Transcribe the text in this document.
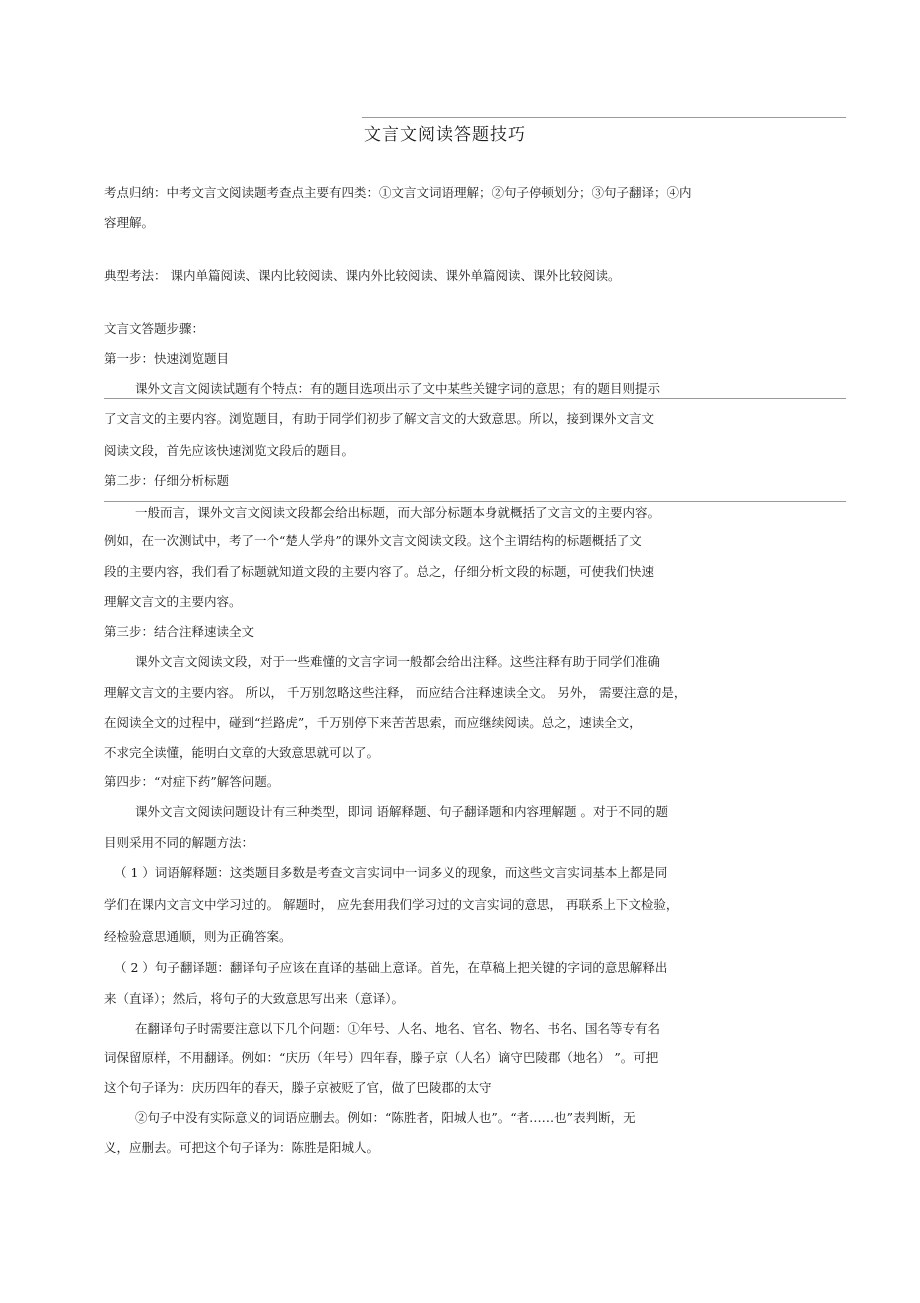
文言文阅读答题技巧
考点归纳：中考文言文阅读题考查点主要有四类：①文言文词语理解；②句子停顿划分；③句子翻译；④内
容理解。
典型考法： 课内单篇阅读、课内比较阅读、课内外比较阅读、课外单篇阅读、课外比较阅读。
文言文答题步骤：
第一步：快速浏览题目
课外文言文阅读试题有个特点：有的题目选项出示了文中某些关键字词的意思；有的题目则提示
了文言文的主要内容。浏览题目，有助于同学们初步了解文言文的大致意思。所以，接到课外文言文
阅读文段，首先应该快速浏览文段后的题目。
第二步：仔细分析标题
一般而言，课外文言文阅读文段都会给出标题，而大部分标题本身就概括了文言文的主要内容。
例如，在一次测试中，考了一个“楚人学舟”的课外文言文阅读文段。这个主谓结构的标题概括了文
段的主要内容，我们看了标题就知道文段的主要内容了。总之，仔细分析文段的标题，可使我们快速
理解文言文的主要内容。
第三步：结合注释速读全文
课外文言文阅读文段，对于一些难懂的文言字词一般都会给出注释。这些注释有助于同学们准确
理解文言文的主要内容。 所以， 千万别忽略这些注释， 而应结合注释速读全文。 另外， 需要注意的是，
在阅读全文的过程中，碰到“拦路虎”，千万别停下来苦苦思索，而应继续阅读。总之，速读全文，
不求完全读懂，能明白文章的大致意思就可以了。
第四步：“对症下药”解答问题。
课外文言文阅读问题设计有三种类型，即词 语解释题、句子翻译题和内容理解题 。对于不同的题
目则采用不同的解题方法：
（ 1 ）词语解释题：这类题目多数是考查文言实词中一词多义的现象，而这些文言实词基本上都是同
学们在课内文言文中学习过的。 解题时， 应先套用我们学习过的文言实词的意思， 再联系上下文检验，
经检验意思通顺，则为正确答案。
（ 2 ）句子翻译题：翻译句子应该在直译的基础上意译。首先，在草稿上把关键的字词的意思解释出
来（直译）；然后，将句子的大致意思写出来（意译）。
在翻译句子时需要注意以下几个问题：①年号、人名、地名、官名、物名、书名、国名等专有名
词保留原样，不用翻译。例如：“庆历（年号）四年春，滕子京（人名）谪守巴陵郡（地名） ”。可把
这个句子译为：庆历四年的春天，滕子京被贬了官，做了巴陵郡的太守
②句子中没有实际意义的词语应删去。例如：“陈胜者，阳城人也”。“者……也”表判断，无
义，应删去。可把这个句子译为：陈胜是阳城人。
